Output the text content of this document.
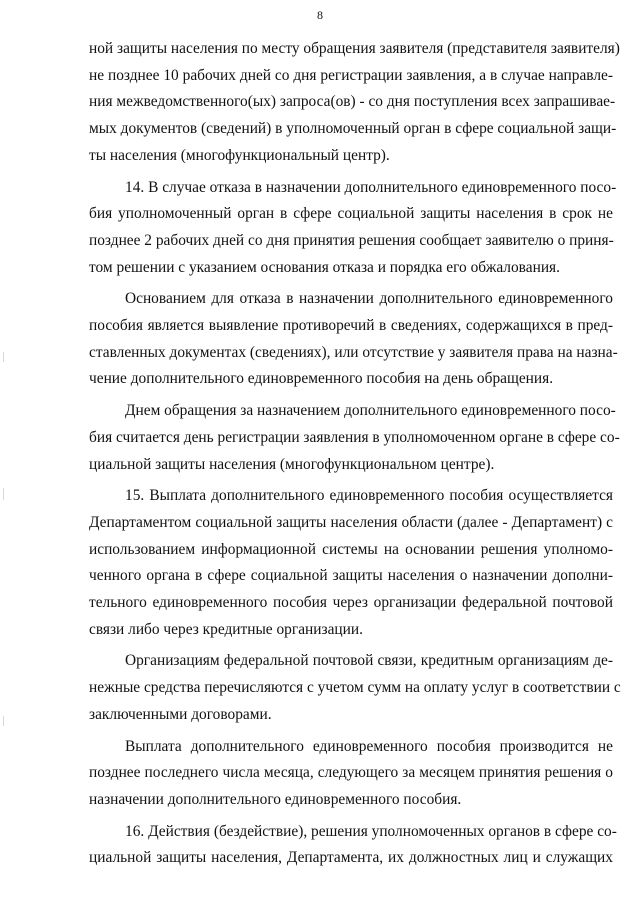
8
ной защиты населения по месту обращения заявителя (представителя заявителя)
не позднее 10 рабочих дней со дня регистрации заявления, а в случае направле-
ния межведомственного(ых) запроса(ов) - со дня поступления всех запрашивае-
мых документов (сведений) в уполномоченный орган в сфере социальной защи-
ты населения (многофункциональный центр).
14. В случае отказа в назначении дополнительного единовременного посо-
бия уполномоченный орган в сфере социальной защиты населения в срок не
позднее 2 рабочих дней со дня принятия решения сообщает заявителю о приня-
том решении с указанием основания отказа и порядка его обжалования.
Основанием для отказа в назначении дополнительного единовременного
пособия является выявление противоречий в сведениях, содержащихся в пред-
ставленных документах (сведениях), или отсутствие у заявителя права на назна-
чение дополнительного единовременного пособия на день обращения.
Днем обращения за назначением дополнительного единовременного посо-
бия считается день регистрации заявления в уполномоченном органе в сфере со-
циальной защиты населения (многофункциональном центре).
15. Выплата дополнительного единовременного пособия осуществляется
Департаментом социальной защиты населения области (далее - Департамент) с
использованием информационной системы на основании решения уполномо-
ченного органа в сфере социальной защиты населения о назначении дополни-
тельного единовременного пособия через организации федеральной почтовой
связи либо через кредитные организации.
Организациям федеральной почтовой связи, кредитным организациям де-
нежные средства перечисляются с учетом сумм на оплату услуг в соответствии с
заключенными договорами.
Выплата дополнительного единовременного пособия производится не
позднее последнего числа месяца, следующего за месяцем принятия решения о
назначении дополнительного единовременного пособия.
16. Действия (бездействие), решения уполномоченных органов в сфере со-
циальной защиты населения, Департамента, их должностных лиц и служащих
